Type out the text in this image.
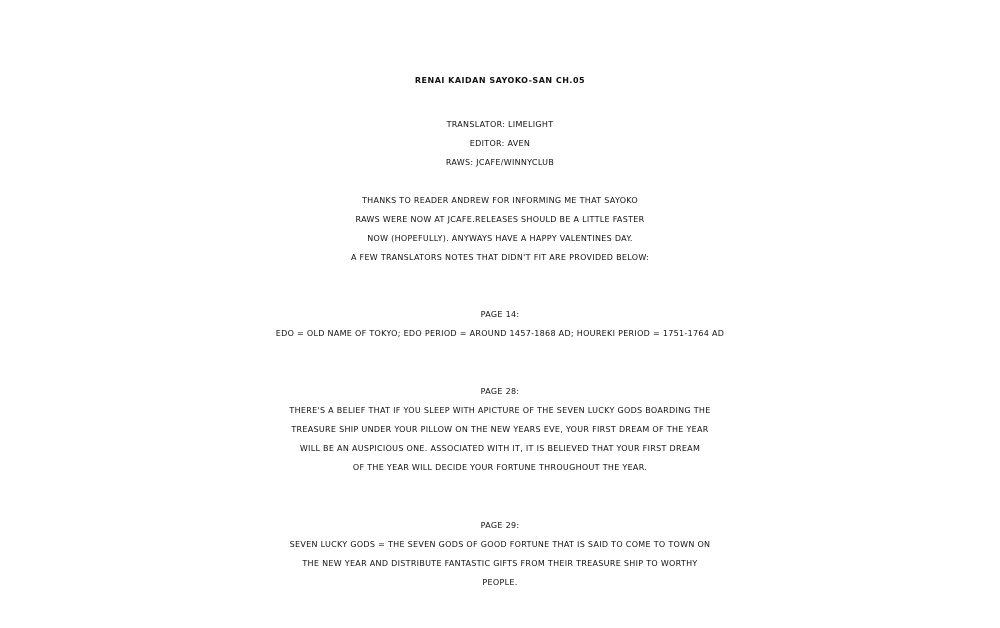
RENAI KAIDAN SAYOKO-SAN CH.05
TRANSLATOR: LIMELIGHT
EDITOR: AVEN
RAWS: JCAFE/WINNYCLUB
THANKS TO READER ANDREW FOR INFORMING ME THAT SAYOKO
RAWS WERE NOW AT JCAFE.RELEASES SHOULD BE A LITTLE FASTER
NOW (HOPEFULLY). ANYWAYS HAVE A HAPPY VALENTINES DAY.
A FEW TRANSLATORS NOTES THAT DIDN'T FIT ARE PROVIDED BELOW:
PAGE 14:
EDO = OLD NAME OF TOKYO; EDO PERIOD = AROUND 1457-1868 AD; HOUREKI PERIOD = 1751-1764 AD
PAGE 28:
THERE'S A BELIEF THAT IF YOU SLEEP WITH APICTURE OF THE SEVEN LUCKY GODS BOARDING THE
TREASURE SHIP UNDER YOUR PILLOW ON THE NEW YEARS EVE, YOUR FIRST DREAM OF THE YEAR
WILL BE AN AUSPICIOUS ONE. ASSOCIATED WITH IT, IT IS BELIEVED THAT YOUR FIRST DREAM
OF THE YEAR WILL DECIDE YOUR FORTUNE THROUGHOUT THE YEAR.
PAGE 29:
SEVEN LUCKY GODS = THE SEVEN GODS OF GOOD FORTUNE THAT IS SAID TO COME TO TOWN ON
THE NEW YEAR AND DISTRIBUTE FANTASTIC GIFTS FROM THEIR TREASURE SHIP TO WORTHY
PEOPLE.
